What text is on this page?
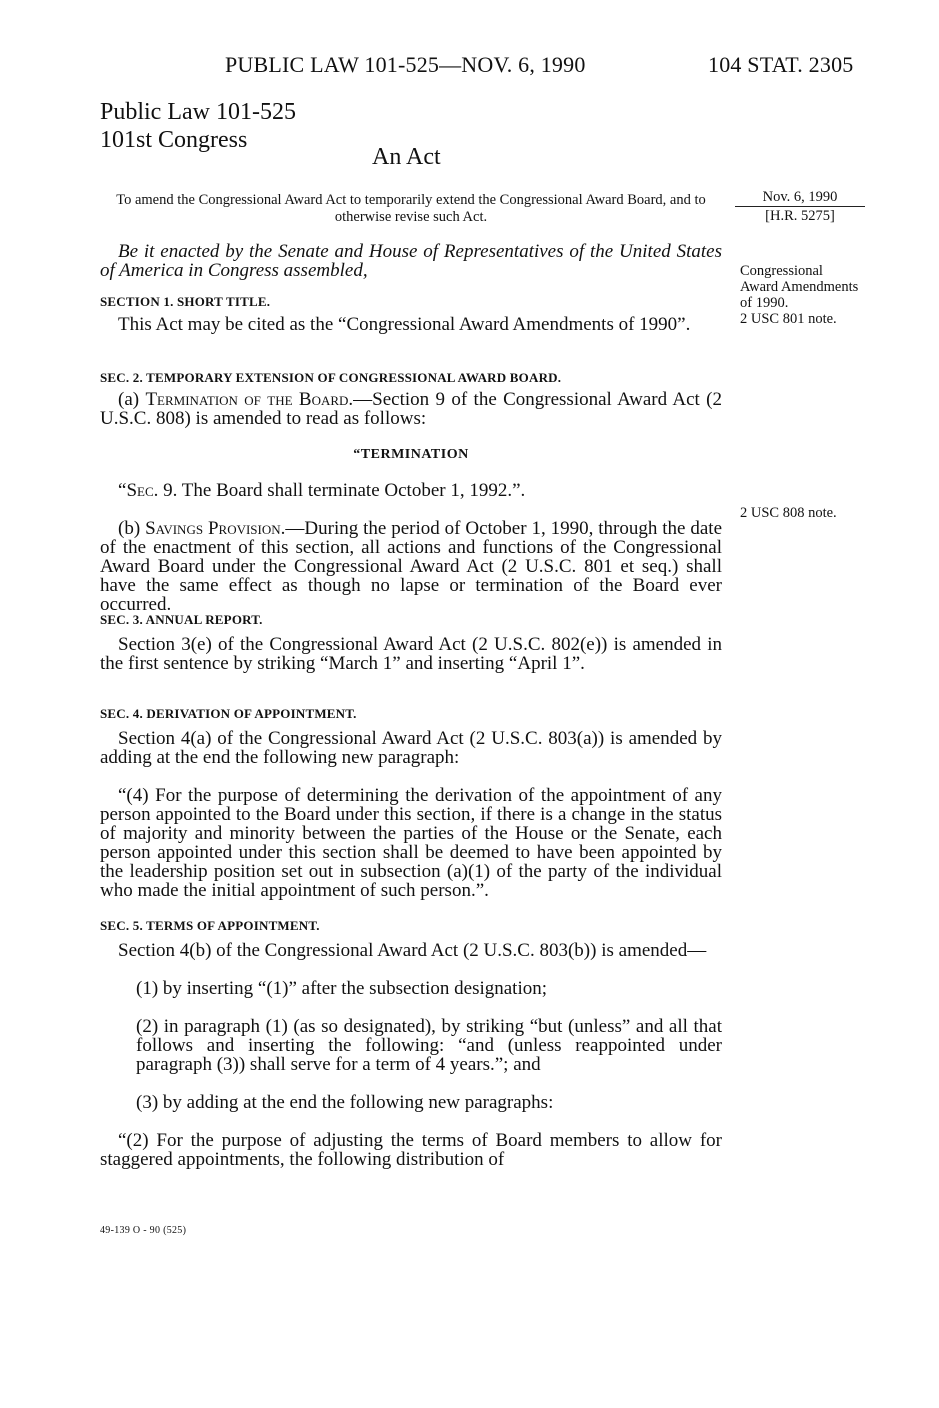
PUBLIC LAW 101-525—NOV. 6, 1990	104 STAT. 2305
Public Law 101-525
101st Congress
An Act
To amend the Congressional Award Act to temporarily extend the Congressional Award Board, and to otherwise revise such Act.
Nov. 6, 1990
[H.R. 5275]
Congressional Award Amendments of 1990.
2 USC 801 note.
2 USC 808 note.

Be it enacted by the Senate and House of Representatives of the United States of America in Congress assembled,

SECTION 1. SHORT TITLE.

This Act may be cited as the “Congressional Award Amendments of 1990”.

SEC. 2. TEMPORARY EXTENSION OF CONGRESSIONAL AWARD BOARD.

(a) Termination of the Board.—Section 9 of the Congressional Award Act (2 U.S.C. 808) is amended to read as follows:

“TERMINATION

“Sec. 9. The Board shall terminate October 1, 1992.”.

(b) Savings Provision.—During the period of October 1, 1990, through the date of the enactment of this section, all actions and functions of the Congressional Award Board under the Congressional Award Act (2 U.S.C. 801 et seq.) shall have the same effect as though no lapse or termination of the Board ever occurred.

SEC. 3. ANNUAL REPORT.

Section 3(e) of the Congressional Award Act (2 U.S.C. 802(e)) is amended in the first sentence by striking “March 1” and inserting “April 1”.

SEC. 4. DERIVATION OF APPOINTMENT.

Section 4(a) of the Congressional Award Act (2 U.S.C. 803(a)) is amended by adding at the end the following new paragraph:

“(4) For the purpose of determining the derivation of the appointment of any person appointed to the Board under this section, if there is a change in the status of majority and minority between the parties of the House or the Senate, each person appointed under this section shall be deemed to have been appointed by the leadership position set out in subsection (a)(1) of the party of the individual who made the initial appointment of such person.”.

SEC. 5. TERMS OF APPOINTMENT.

Section 4(b) of the Congressional Award Act (2 U.S.C. 803(b)) is amended—

(1) by inserting “(1)” after the subsection designation;

(2) in paragraph (1) (as so designated), by striking “but (unless” and all that follows and inserting the following: “and (unless reappointed under paragraph (3)) shall serve for a term of 4 years.”; and

(3) by adding at the end the following new paragraphs:

“(2) For the purpose of adjusting the terms of Board members to allow for staggered appointments, the following distribution of

49-139 O - 90 (525)
